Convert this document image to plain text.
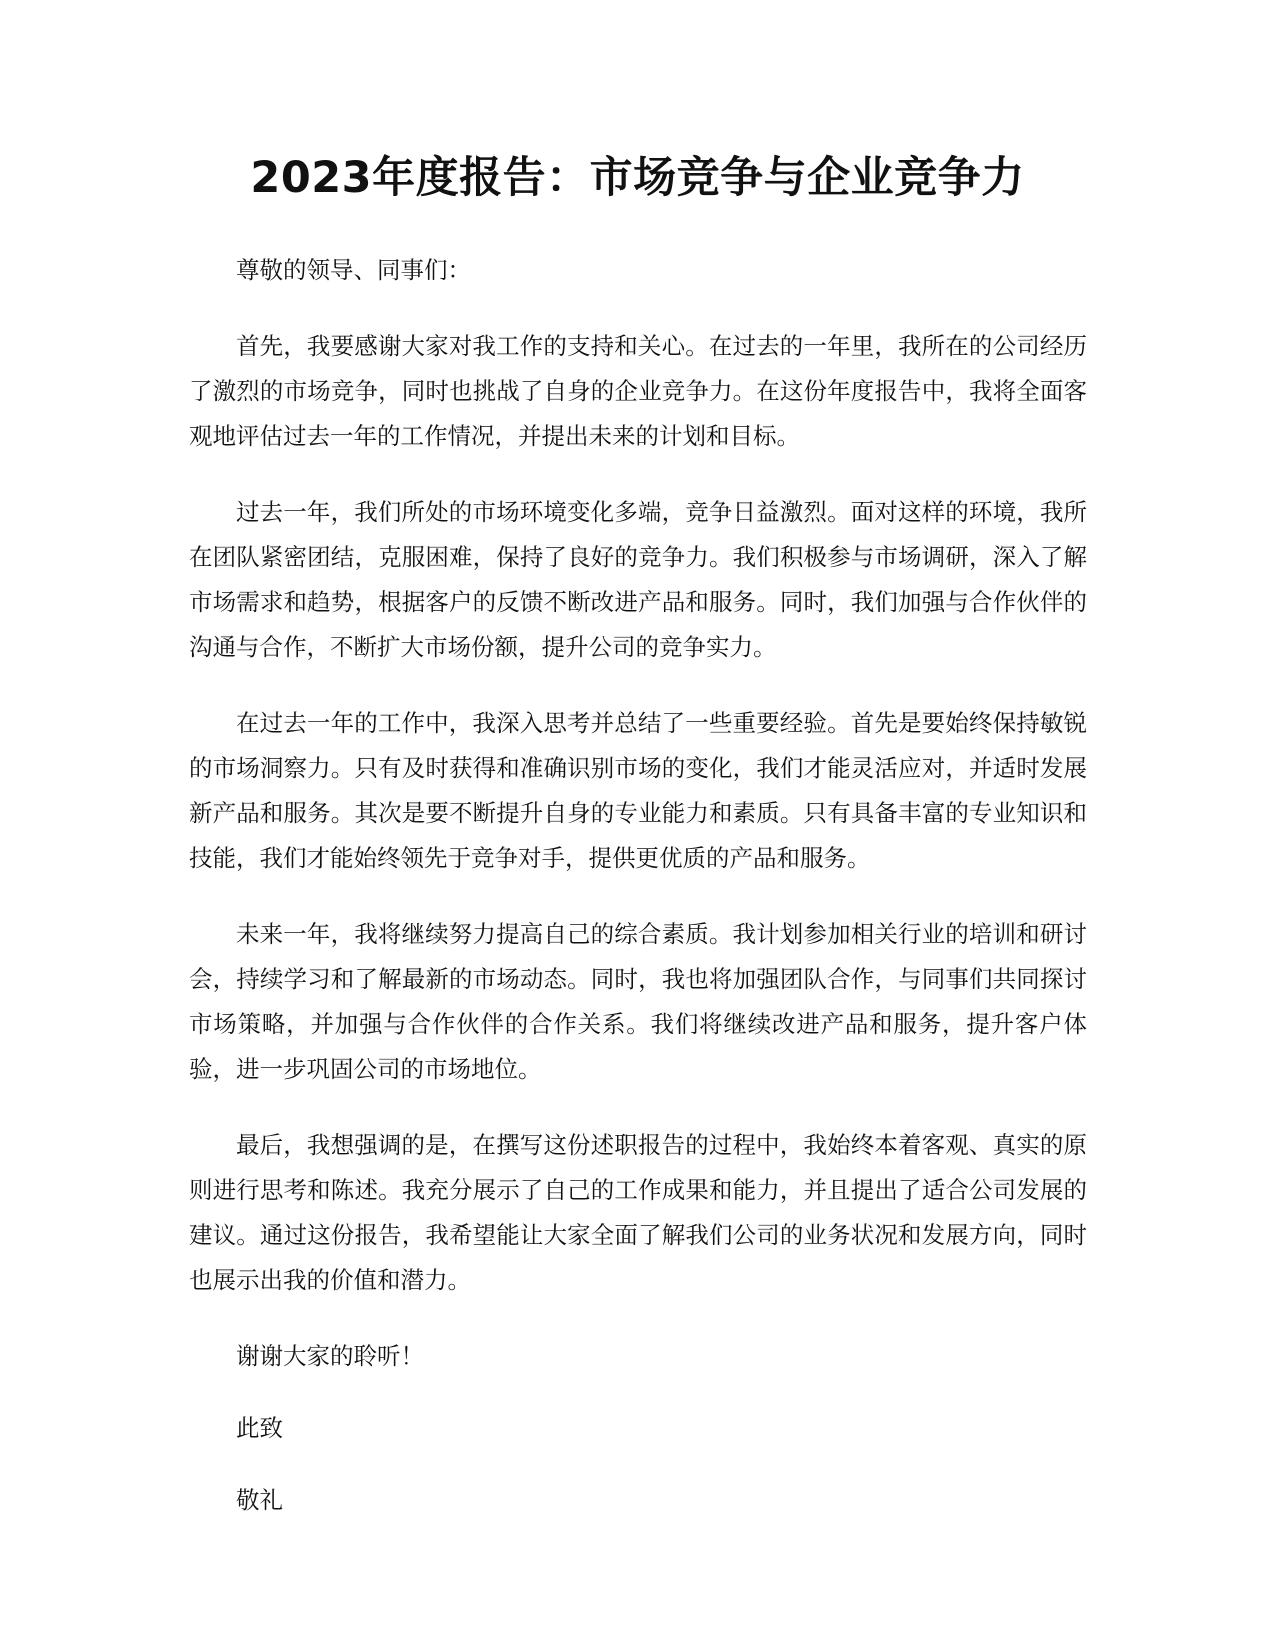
2023年度报告：市场竞争与企业竞争力

尊敬的领导、同事们：

首先，我要感谢大家对我工作的支持和关心。在过去的一年里，我所在的公司经历了激烈的市场竞争，同时也挑战了自身的企业竞争力。在这份年度报告中，我将全面客观地评估过去一年的工作情况，并提出未来的计划和目标。

过去一年，我们所处的市场环境变化多端，竞争日益激烈。面对这样的环境，我所在团队紧密团结，克服困难，保持了良好的竞争力。我们积极参与市场调研，深入了解市场需求和趋势，根据客户的反馈不断改进产品和服务。同时，我们加强与合作伙伴的沟通与合作，不断扩大市场份额，提升公司的竞争实力。

在过去一年的工作中，我深入思考并总结了一些重要经验。首先是要始终保持敏锐的市场洞察力。只有及时获得和准确识别市场的变化，我们才能灵活应对，并适时发展新产品和服务。其次是要不断提升自身的专业能力和素质。只有具备丰富的专业知识和技能，我们才能始终领先于竞争对手，提供更优质的产品和服务。

未来一年，我将继续努力提高自己的综合素质。我计划参加相关行业的培训和研讨会，持续学习和了解最新的市场动态。同时，我也将加强团队合作，与同事们共同探讨市场策略，并加强与合作伙伴的合作关系。我们将继续改进产品和服务，提升客户体验，进一步巩固公司的市场地位。

最后，我想强调的是，在撰写这份述职报告的过程中，我始终本着客观、真实的原则进行思考和陈述。我充分展示了自己的工作成果和能力，并且提出了适合公司发展的建议。通过这份报告，我希望能让大家全面了解我们公司的业务状况和发展方向，同时也展示出我的价值和潜力。

谢谢大家的聆听！

此致

敬礼
